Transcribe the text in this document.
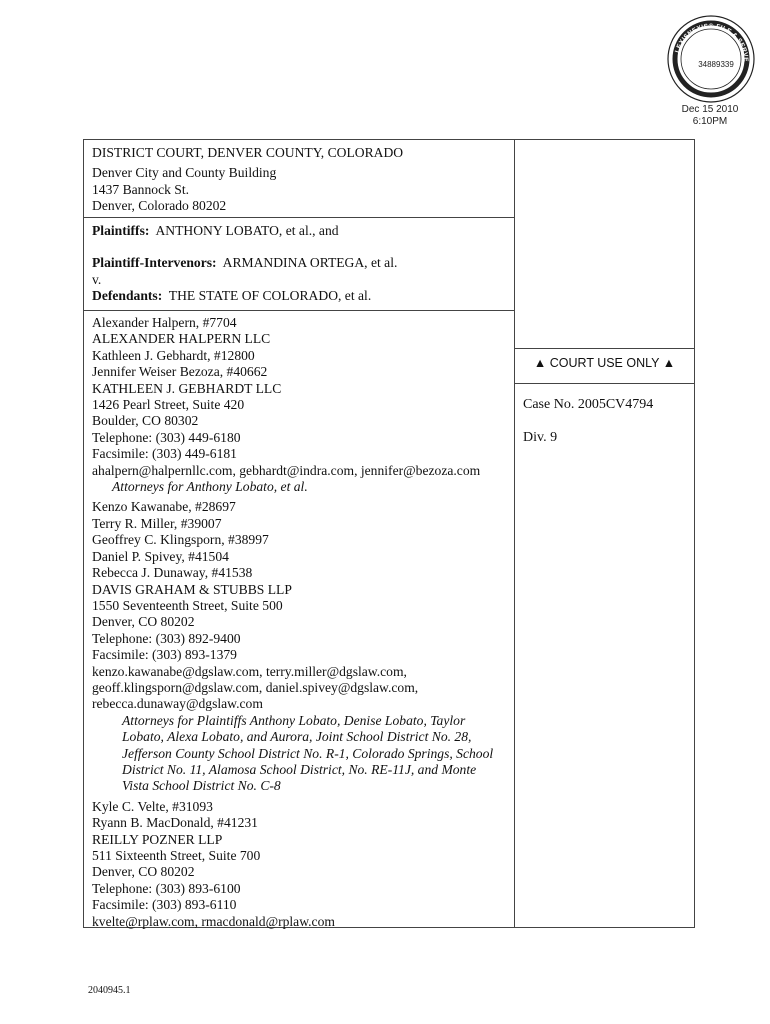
LEXISNEXIS® FILE & SERVE
E-SERVICE
34889339
Dec 15 2010
6:10PM
DISTRICT COURT, DENVER COUNTY, COLORADO
Denver City and County Building
1437 Bannock St.
Denver, Colorado 80202
Plaintiffs: ANTHONY LOBATO, et al., and
Plaintiff-Intervenors: ARMANDINA ORTEGA, et al.
v.
Defendants: THE STATE OF COLORADO, et al.
Alexander Halpern, #7704
ALEXANDER HALPERN LLC
Kathleen J. Gebhardt, #12800
Jennifer Weiser Bezoza, #40662
KATHLEEN J. GEBHARDT LLC
1426 Pearl Street, Suite 420
Boulder, CO 80302
Telephone: (303) 449-6180
Facsimile: (303) 449-6181
ahalpern@halpernllc.com, gebhardt@indra.com, jennifer@bezoza.com
Attorneys for Anthony Lobato, et al.
Kenzo Kawanabe, #28697
Terry R. Miller, #39007
Geoffrey C. Klingsporn, #38997
Daniel P. Spivey, #41504
Rebecca J. Dunaway, #41538
DAVIS GRAHAM & STUBBS LLP
1550 Seventeenth Street, Suite 500
Denver, CO 80202
Telephone: (303) 892-9400
Facsimile: (303) 893-1379
kenzo.kawanabe@dgslaw.com, terry.miller@dgslaw.com,
geoff.klingsporn@dgslaw.com, daniel.spivey@dgslaw.com,
rebecca.dunaway@dgslaw.com
Attorneys for Plaintiffs Anthony Lobato, Denise Lobato, Taylor
Lobato, Alexa Lobato, and Aurora, Joint School District No. 28,
Jefferson County School District No. R-1, Colorado Springs, School
District No. 11, Alamosa School District, No. RE-11J, and Monte
Vista School District No. C-8
Kyle C. Velte, #31093
Ryann B. MacDonald, #41231
REILLY POZNER LLP
511 Sixteenth Street, Suite 700
Denver, CO 80202
Telephone: (303) 893-6100
Facsimile: (303) 893-6110
kvelte@rplaw.com, rmacdonald@rplaw.com
▲ COURT USE ONLY ▲
Case No. 2005CV4794
Div. 9
2040945.1
